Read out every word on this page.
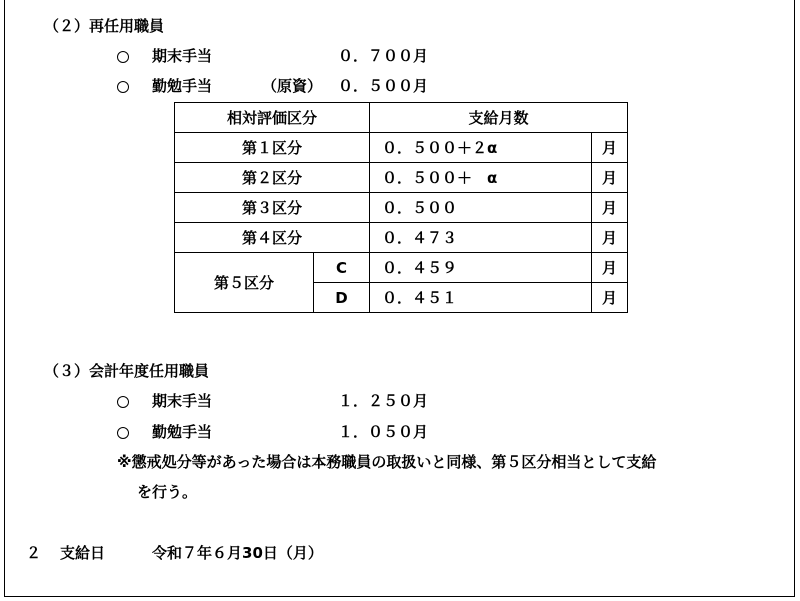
（２）再任用職員
期末手当	０．７００月
勤勉手当	（原資） ０．５００月
相対評価区分		支給月数	
第１区分		０．５００＋２α	月
第２区分		０．５００＋　α	月
第３区分		０．５００	月
第４区分		０．４７３	月
第５区分	C	０．４５９	月
	D	０．４５１	月
（３）会計年度任用職員
期末手当	１．２５０月
勤勉手当	１．０５０月
※懲戒処分等があった場合は本務職員の取扱いと同様、第５区分相当として支給
を行う。
２ 支給日	令和７年６月30日（月）
